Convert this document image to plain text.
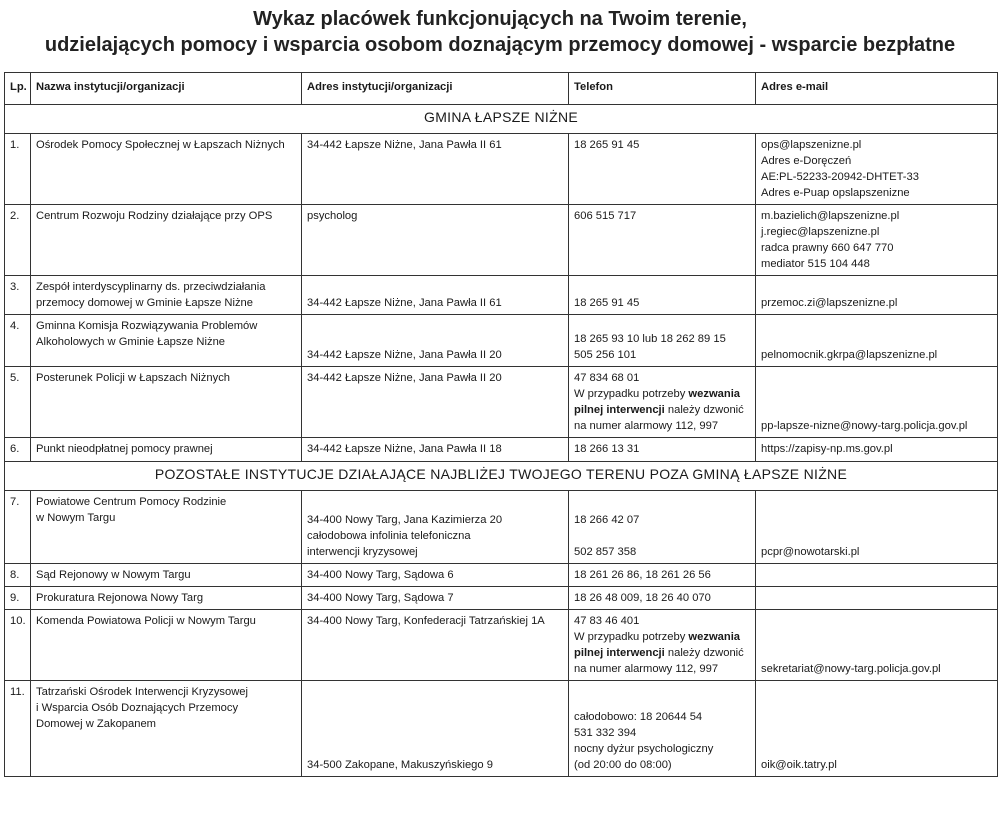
Wykaz placówek funkcjonujących na Twoim terenie,
udzielających pomocy i wsparcia osobom doznającym przemocy domowej - wsparcie bezpłatne
Lp.	Nazwa instytucji/organizacji	Adres instytucji/organizacji	Telefon	Adres e-mail
GMINA ŁAPSZE NIŻNE				
1.	Ośrodek Pomocy Społecznej w Łapszach Niżnych	34-442 Łapsze Niżne, Jana Pawła II 61	18 265 91 45	ops@lapszenizne.pl
Adres e-Doręczeń
AE:PL-52233-20942-DHTET-33
Adres e-Puap opslapszenizne

2.	Centrum Rozwoju Rodziny działające przy OPS	psycholog	606 515 717	m.bazielich@lapszenizne.pl
j.regiec@lapszenizne.pl
radca prawny 660 647 770
mediator 515 104 448

3.	Zespół interdyscyplinarny ds. przeciwdziałania
przemocy domowej w Gminie Łapsze Niżne	34-442 Łapsze Niżne, Jana Pawła II 61	18 265 91 45	przemoc.zi@lapszenizne.pl

4.	Gminna Komisja Rozwiązywania Problemów
Alkoholowych w Gminie Łapsze Niżne	34-442 Łapsze Niżne, Jana Pawła II 20	18 265 93 10 lub 18 262 89 15
505 256 101	pelnomocnik.gkrpa@lapszenizne.pl

5.	Posterunek Policji w Łapszach Niżnych	34-442 Łapsze Niżne, Jana Pawła II 20	47 834 68 01
W przypadku potrzeby wezwania
pilnej interwencji należy dzwonić
na numer alarmowy 112, 997	pp-lapsze-nizne@nowy-targ.policja.gov.pl

6.	Punkt nieodpłatnej pomocy prawnej	34-442 Łapsze Niżne, Jana Pawła II 18	18 266 13 31	https://zapisy-np.ms.gov.pl

POZOSTAŁE INSTYTUCJE DZIAŁAJĄCE NAJBLIŻEJ TWOJEGO TERENU POZA GMINĄ ŁAPSZE NIŻNE				
7.	Powiatowe Centrum Pomocy Rodzinie
w Nowym Targu	34-400 Nowy Targ, Jana Kazimierza 20
całodobowa infolinia telefoniczna
interwencji kryzysowej	18 266 42 07
502 857 358	pcpr@nowotarski.pl

8.	Sąd Rejonowy w Nowym Targu	34-400 Nowy Targ, Sądowa 6	18 261 26 86, 18 261 26 56	

9.	Prokuratura Rejonowa Nowy Targ	34-400 Nowy Targ, Sądowa 7	18 26 48 009, 18 26 40 070	

10.	Komenda Powiatowa Policji w Nowym Targu	34-400 Nowy Targ, Konfederacji Tatrzańskiej 1A	47 83 46 401
W przypadku potrzeby wezwania
pilnej interwencji należy dzwonić
na numer alarmowy 112, 997	sekretariat@nowy-targ.policja.gov.pl

11.	Tatrzański Ośrodek Interwencji Kryzysowej
i Wsparcia Osób Doznających Przemocy
Domowej w Zakopanem	34-500 Zakopane, Makuszyńskiego 9	całodobowo: 18 20644 54
531 332 394
nocny dyżur psychologiczny
(od 20:00 do 08:00)	oik@oik.tatry.pl
